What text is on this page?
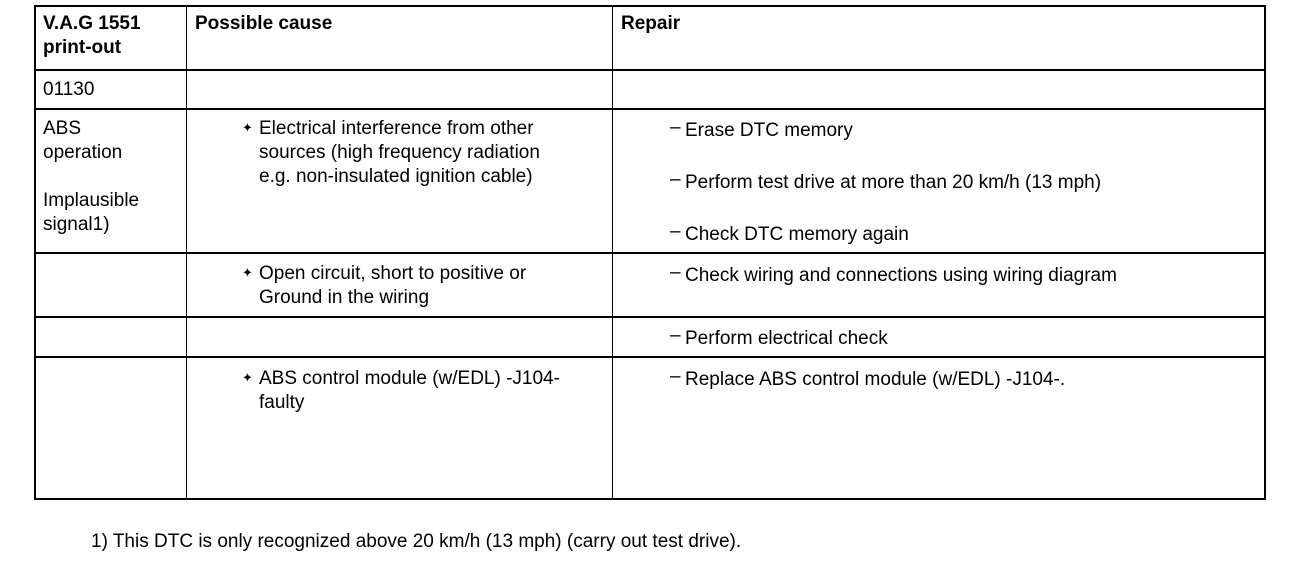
V.A.G 1551
print-out
Possible cause	Repair
01130
ABS
operation
Implausible
signal1)
✦ Electrical interference from other
sources (high frequency radiation
e.g. non-insulated ignition cable)
– Erase DTC memory
– Perform test drive at more than 20 km/h (13 mph)
– Check DTC memory again
✦ Open circuit, short to positive or
Ground in the wiring
– Check wiring and connections using wiring diagram
– Perform electrical check
✦ ABS control module (w/EDL) -J104-
faulty
– Replace ABS control module (w/EDL) -J104-.
1) This DTC is only recognized above 20 km/h (13 mph) (carry out test drive).
